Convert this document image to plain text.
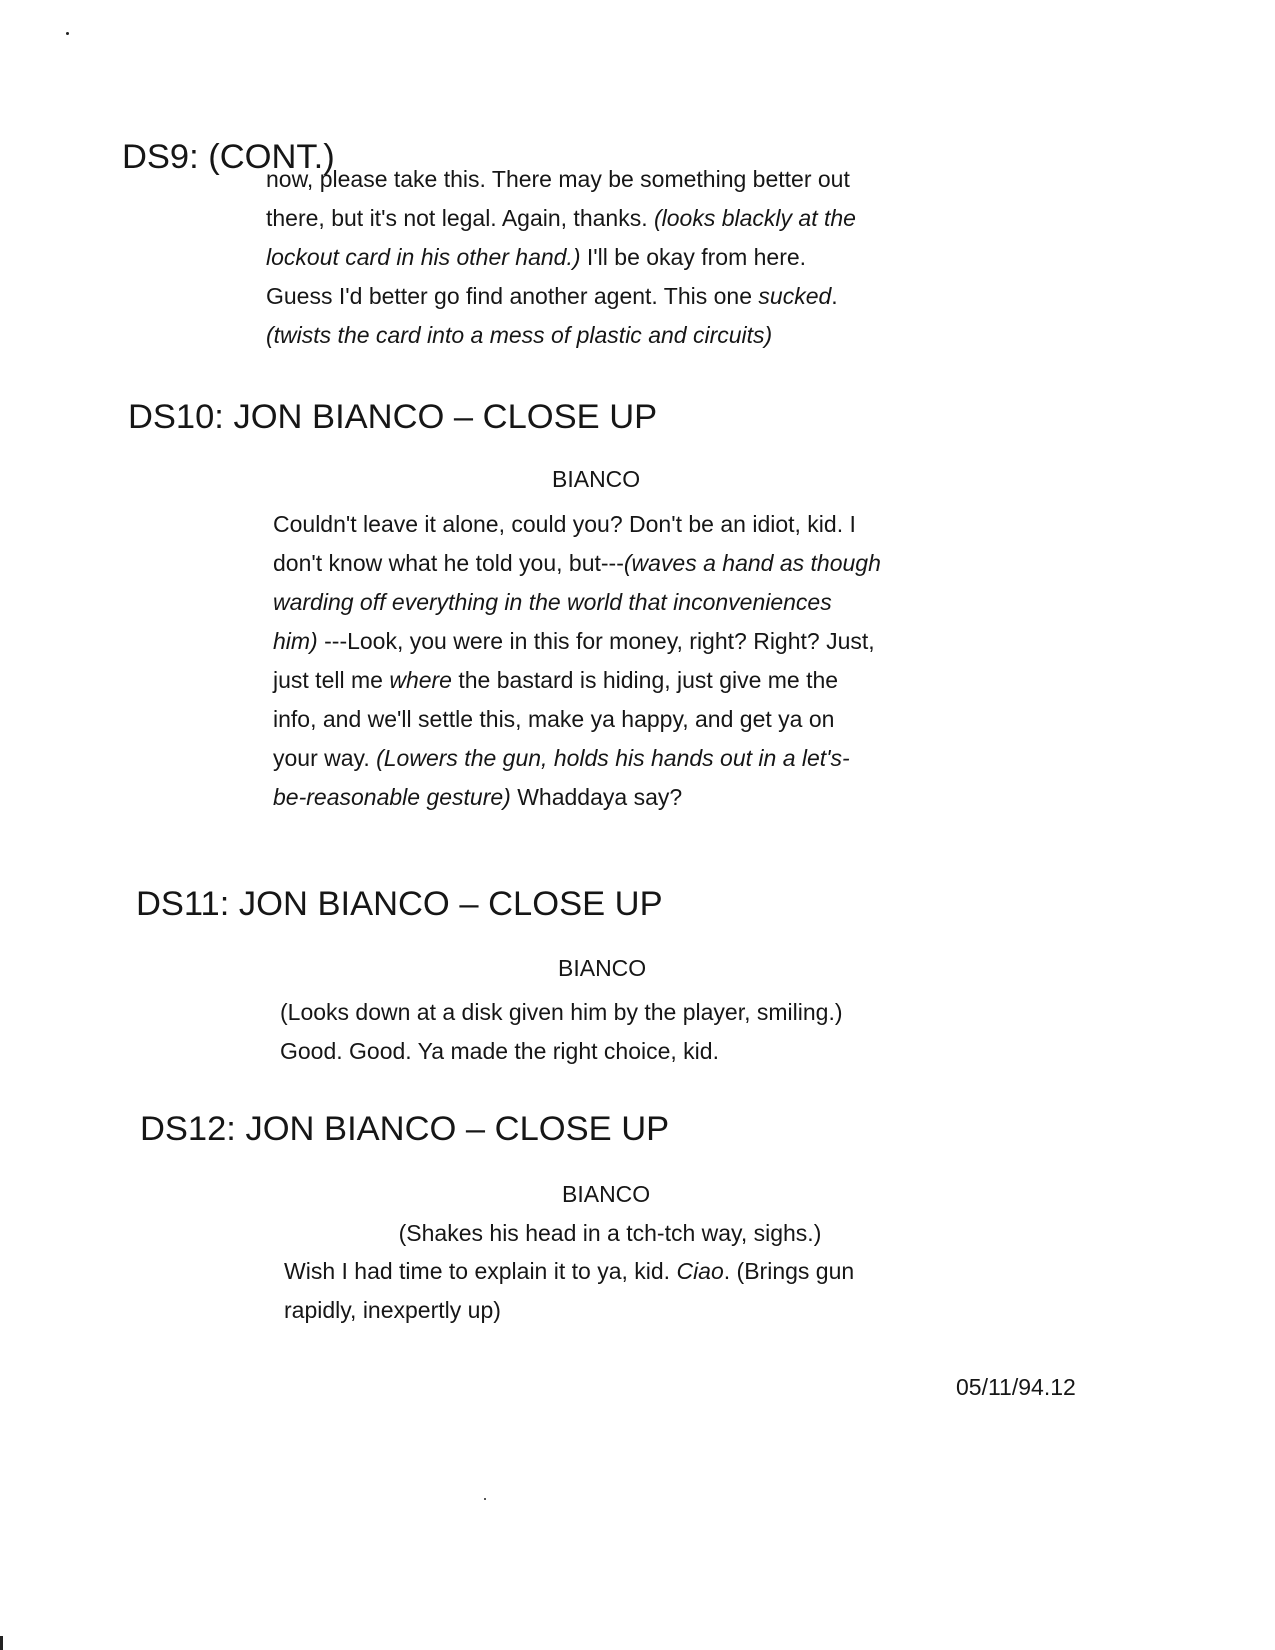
DS9: (CONT.)
now, please take this. There may be something better out
there, but it's not legal. Again, thanks. (looks blackly at the
lockout card in his other hand.) I'll be okay from here.
Guess I'd better go find another agent. This one sucked.
(twists the card into a mess of plastic and circuits)
DS10: JON BIANCO – CLOSE UP
BIANCO
Couldn't leave it alone, could you? Don't be an idiot, kid. I
don't know what he told you, but---(waves a hand as though
warding off everything in the world that inconveniences
him) ---Look, you were in this for money, right? Right? Just,
just tell me where the bastard is hiding, just give me the
info, and we'll settle this, make ya happy, and get ya on
your way. (Lowers the gun, holds his hands out in a let's-
be-reasonable gesture) Whaddaya say?
DS11: JON BIANCO – CLOSE UP
BIANCO
(Looks down at a disk given him by the player, smiling.)
Good. Good. Ya made the right choice, kid.
DS12: JON BIANCO – CLOSE UP
BIANCO
(Shakes his head in a tch-tch way, sighs.)
Wish I had time to explain it to ya, kid. Ciao. (Brings gun
rapidly, inexpertly up)
05/11/94.12
